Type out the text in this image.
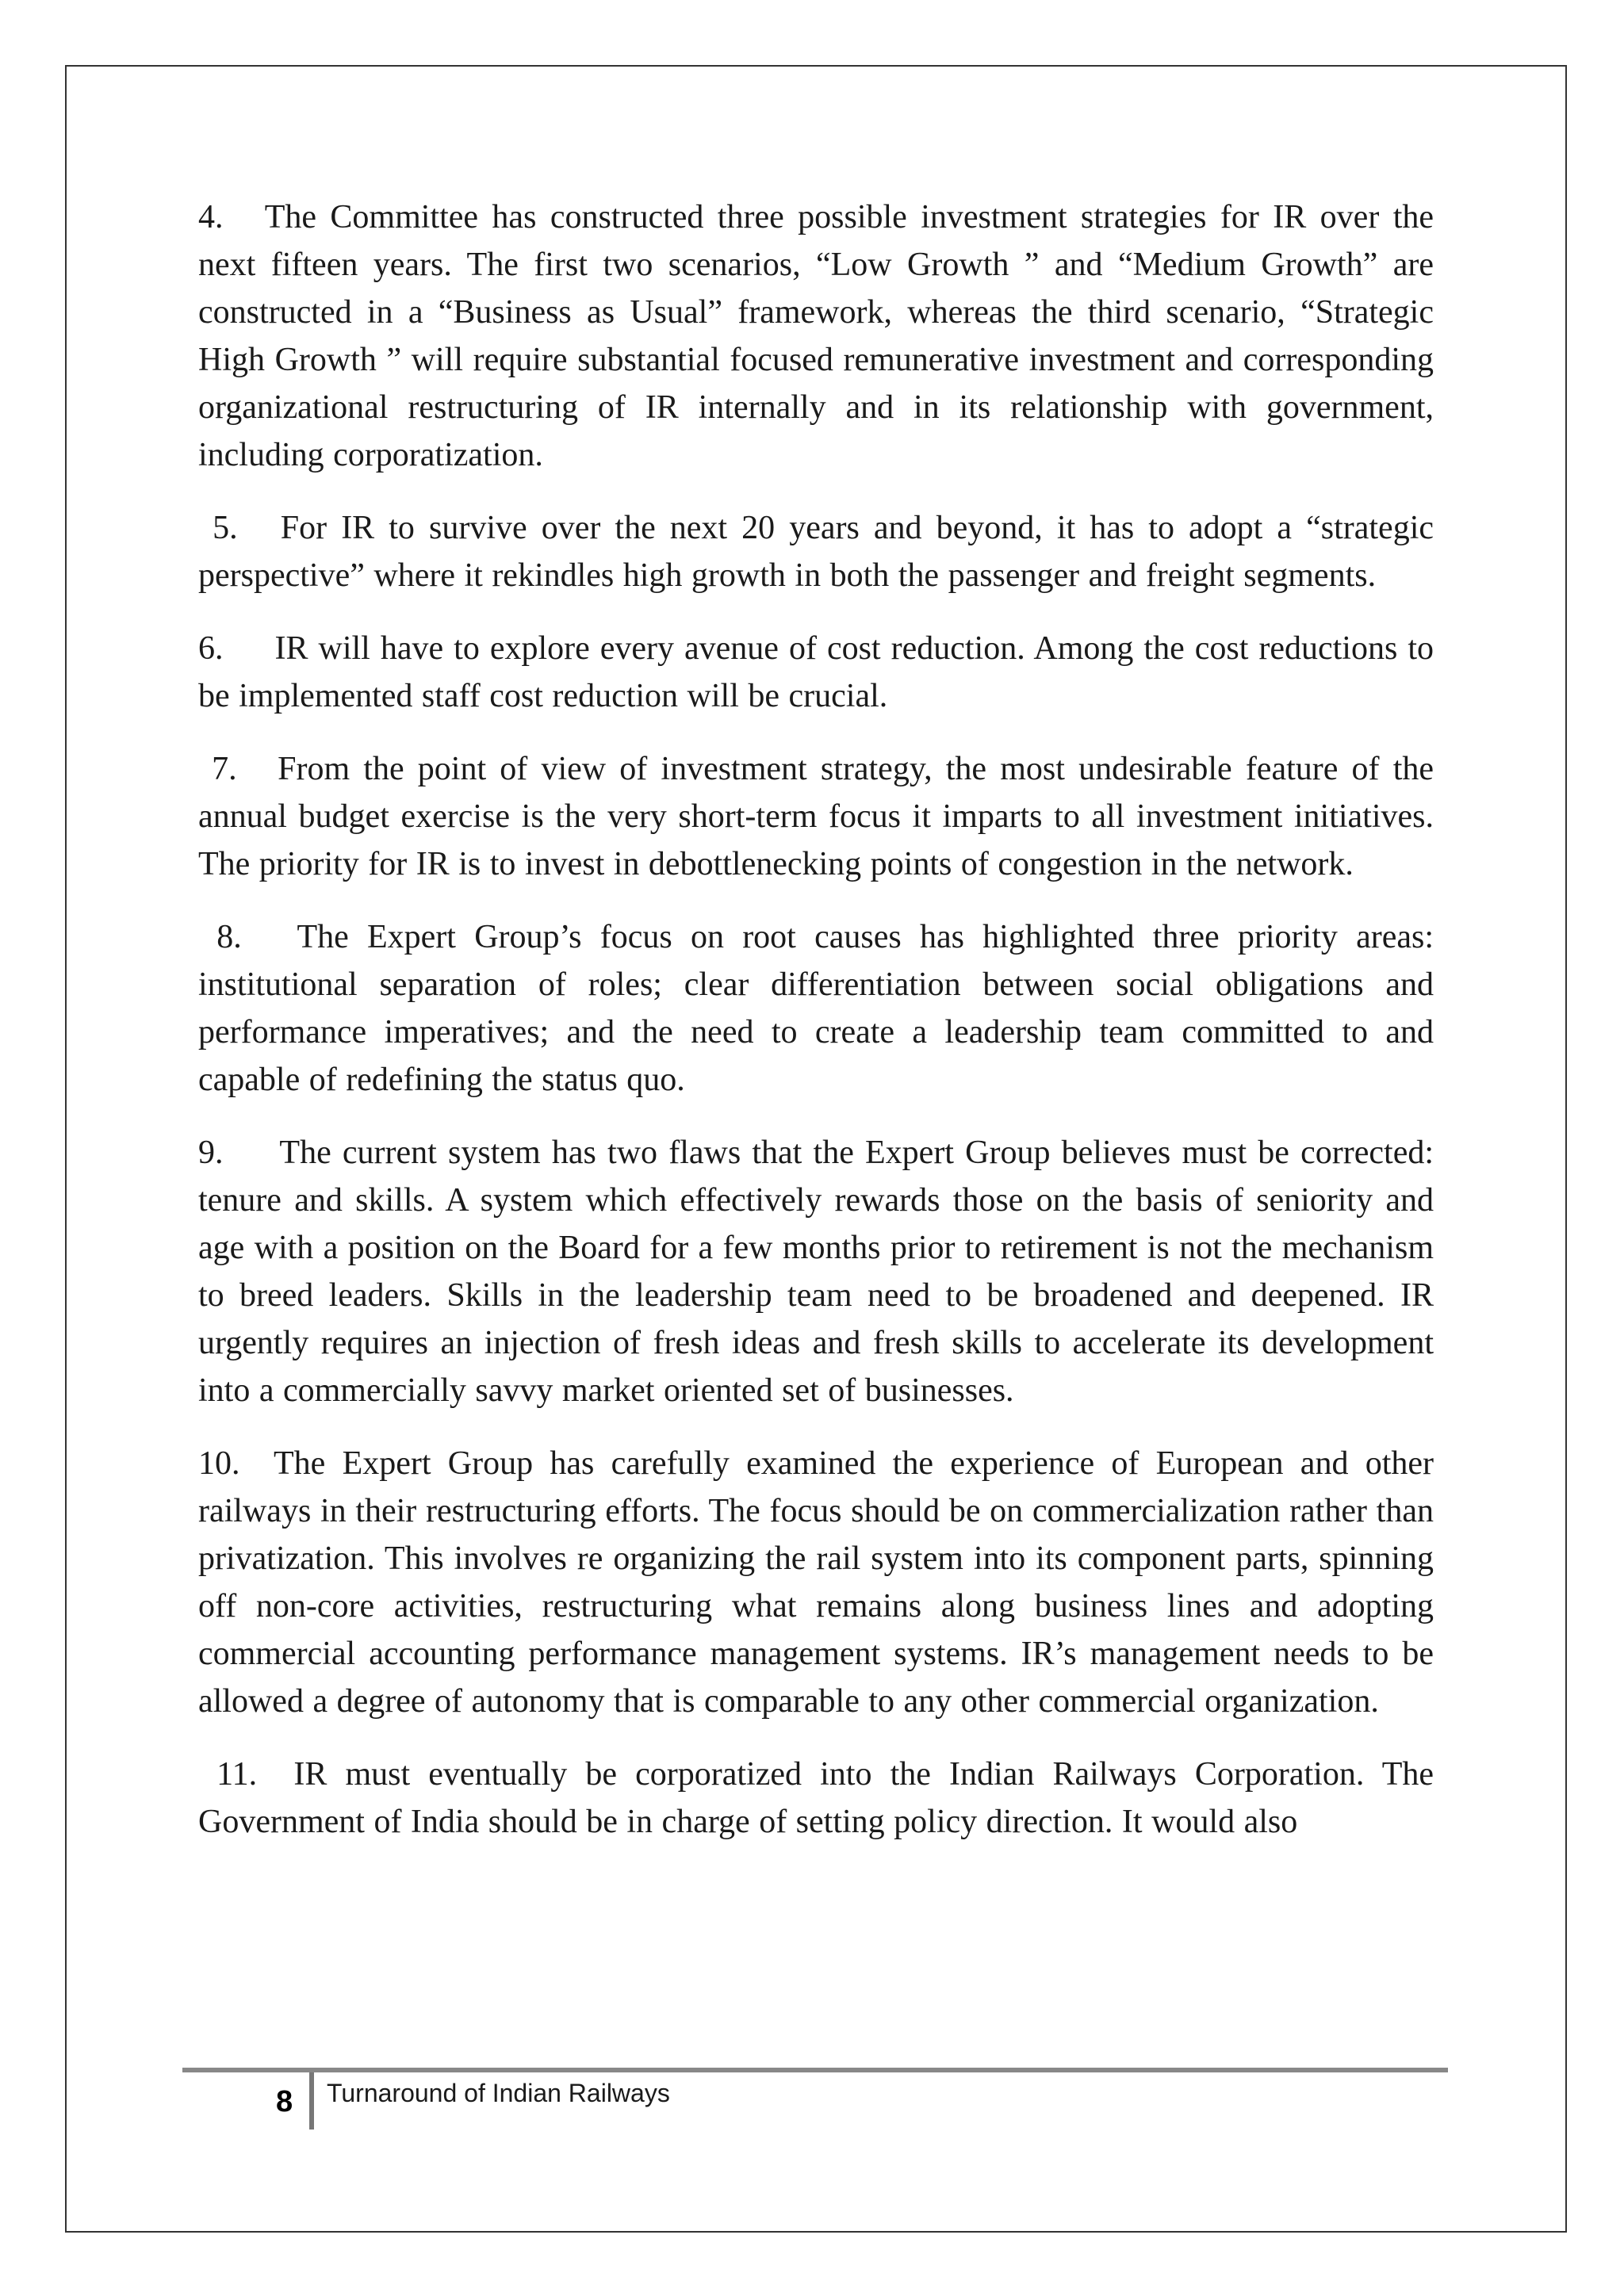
4. The Committee has constructed three possible investment strategies for IR over the next fifteen years. The first two scenarios, “Low Growth ” and “Medium Growth” are constructed in a “Business as Usual” framework, whereas the third scenario, “Strategic High Growth ” will require substantial focused remunerative investment and corresponding organizational restructuring of IR internally and in its relationship with government, including corporatization.

5. For IR to survive over the next 20 years and beyond, it has to adopt a “strategic perspective” where it rekindles high growth in both the passenger and freight segments.

6. IR will have to explore every avenue of cost reduction. Among the cost reductions to be implemented staff cost reduction will be crucial.

7. From the point of view of investment strategy, the most undesirable feature of the annual budget exercise is the very short-term focus it imparts to all investment initiatives. The priority for IR is to invest in debottlenecking points of congestion in the network.

8. The Expert Group’s focus on root causes has highlighted three priority areas: institutional separation of roles; clear differentiation between social obligations and performance imperatives; and the need to create a leadership team committed to and capable of redefining the status quo.

9. The current system has two flaws that the Expert Group believes must be corrected: tenure and skills. A system which effectively rewards those on the basis of seniority and age with a position on the Board for a few months prior to retirement is not the mechanism to breed leaders. Skills in the leadership team need to be broadened and deepened. IR urgently requires an injection of fresh ideas and fresh skills to accelerate its development into a commercially savvy market oriented set of businesses.

10. The Expert Group has carefully examined the experience of European and other railways in their restructuring efforts. The focus should be on commercialization rather than privatization. This involves re organizing the rail system into its component parts, spinning off non-core activities, restructuring what remains along business lines and adopting commercial accounting performance management systems. IR’s management needs to be allowed a degree of autonomy that is comparable to any other commercial organization.

11. IR must eventually be corporatized into the Indian Railways Corporation. The Government of India should be in charge of setting policy direction. It would also

8 Turnaround of Indian Railways
